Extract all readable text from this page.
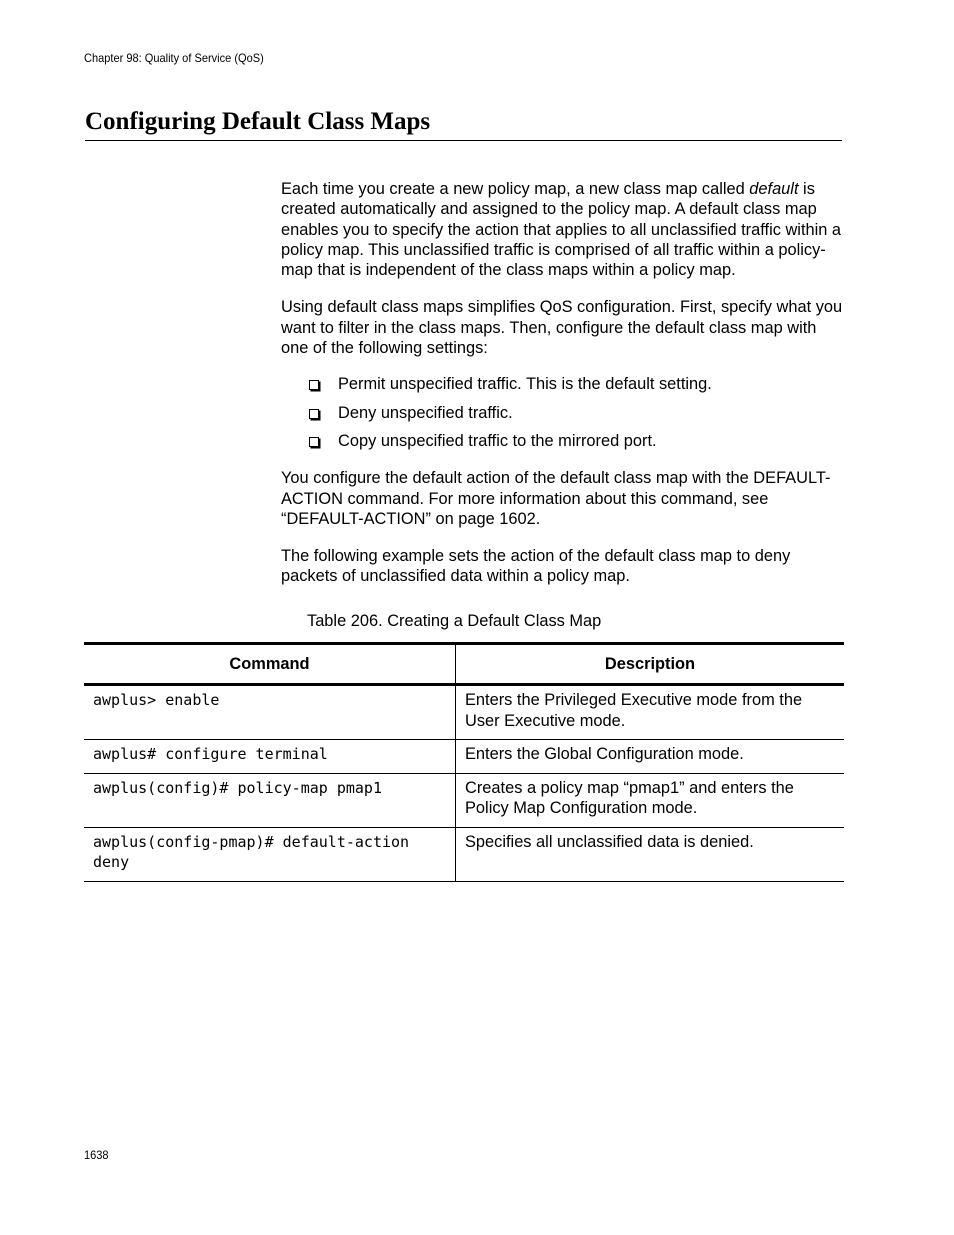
Chapter 98: Quality of Service (QoS)
Configuring Default Class Maps

Each time you create a new policy map, a new class map called default is created automatically and assigned to the policy map. A default class map enables you to specify the action that applies to all unclassified traffic within a policy map. This unclassified traffic is comprised of all traffic within a policy-map that is independent of the class maps within a policy map.

Using default class maps simplifies QoS configuration. First, specify what you want to filter in the class maps. Then, configure the default class map with one of the following settings:

Permit unspecified traffic. This is the default setting.
Deny unspecified traffic.
Copy unspecified traffic to the mirrored port.

You configure the default action of the default class map with the DEFAULT-ACTION command. For more information about this command, see “DEFAULT-ACTION” on page 1602.

The following example sets the action of the default class map to deny packets of unclassified data within a policy map.

Table 206. Creating a Default Class Map
Command	Description
awplus> enable	Enters the Privileged Executive mode from the User Executive mode.
awplus# configure terminal	Enters the Global Configuration mode.
awplus(config)# policy-map pmap1	Creates a policy map “pmap1” and enters the Policy Map Configuration mode.
awplus(config-pmap)# default-action deny	Specifies all unclassified data is denied.
1638
